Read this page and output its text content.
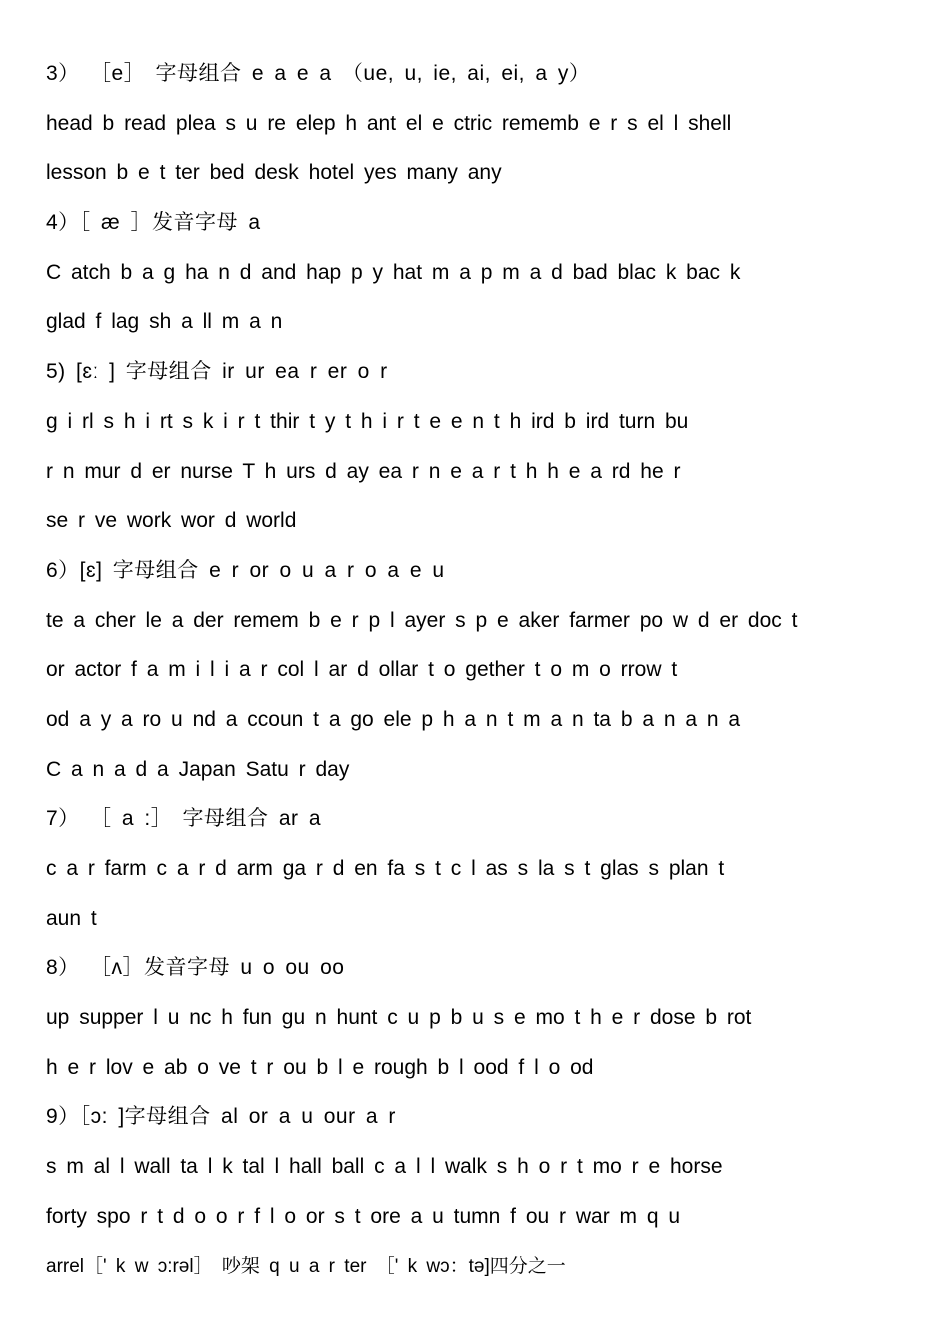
3） ［e］ 字母组合 e a e a （ue, u, ie, ai, ei, a y）
head b read plea s u re elep h ant el e ctric rememb e r s el l shell
lesson b e t ter bed desk hotel yes many any
4）［ æ ］发音字母 a
C atch b a g ha n d and hap p y hat m a p m a d bad blac k bac k
glad f lag sh a ll m a n
5) [ɛː ] 字母组合 ir ur ea r er o r
g i rl s h i rt s k i r t thir t y t h i r t e e n t h ird b ird turn bu
r n mur d er nurse T h urs d ay ea r n e a r t h h e a rd he r
se r ve work wor d world
6）[ɛ] 字母组合 e r or o u a r o a e u
te a cher le a der remem b e r p l ayer s p e aker farmer po w d er doc t
or actor f a m i l i a r col l ar d ollar t o gether t o m o rrow t
od a y a ro u nd a ccoun t a go ele p h a n t m a n ta b a n a n a
C a n a d a Japan Satu r day
7） ［ a :］ 字母组合 ar a
c a r farm c a r d arm ga r d en fa s t c l as s la s t glas s plan t
aun t
8） ［ʌ］发音字母 u o ou oo
up supper l u nc h fun gu n hunt c u p b u s e mo t h e r dose b rot
h e r lov e ab o ve t r ou b l e rough b l ood f l o od
9）［ɔ: ]字母组合 al or a u our a r
s m al l wall ta l k tal l hall ball c a l l walk s h o r t mo r e horse
forty spo r t d o o r f l o or s t ore a u tumn f ou r war m q u
arrel［' k w ɔ:rəl］ 吵架 q u a r ter ［' k wɔ：tə]四分之一
